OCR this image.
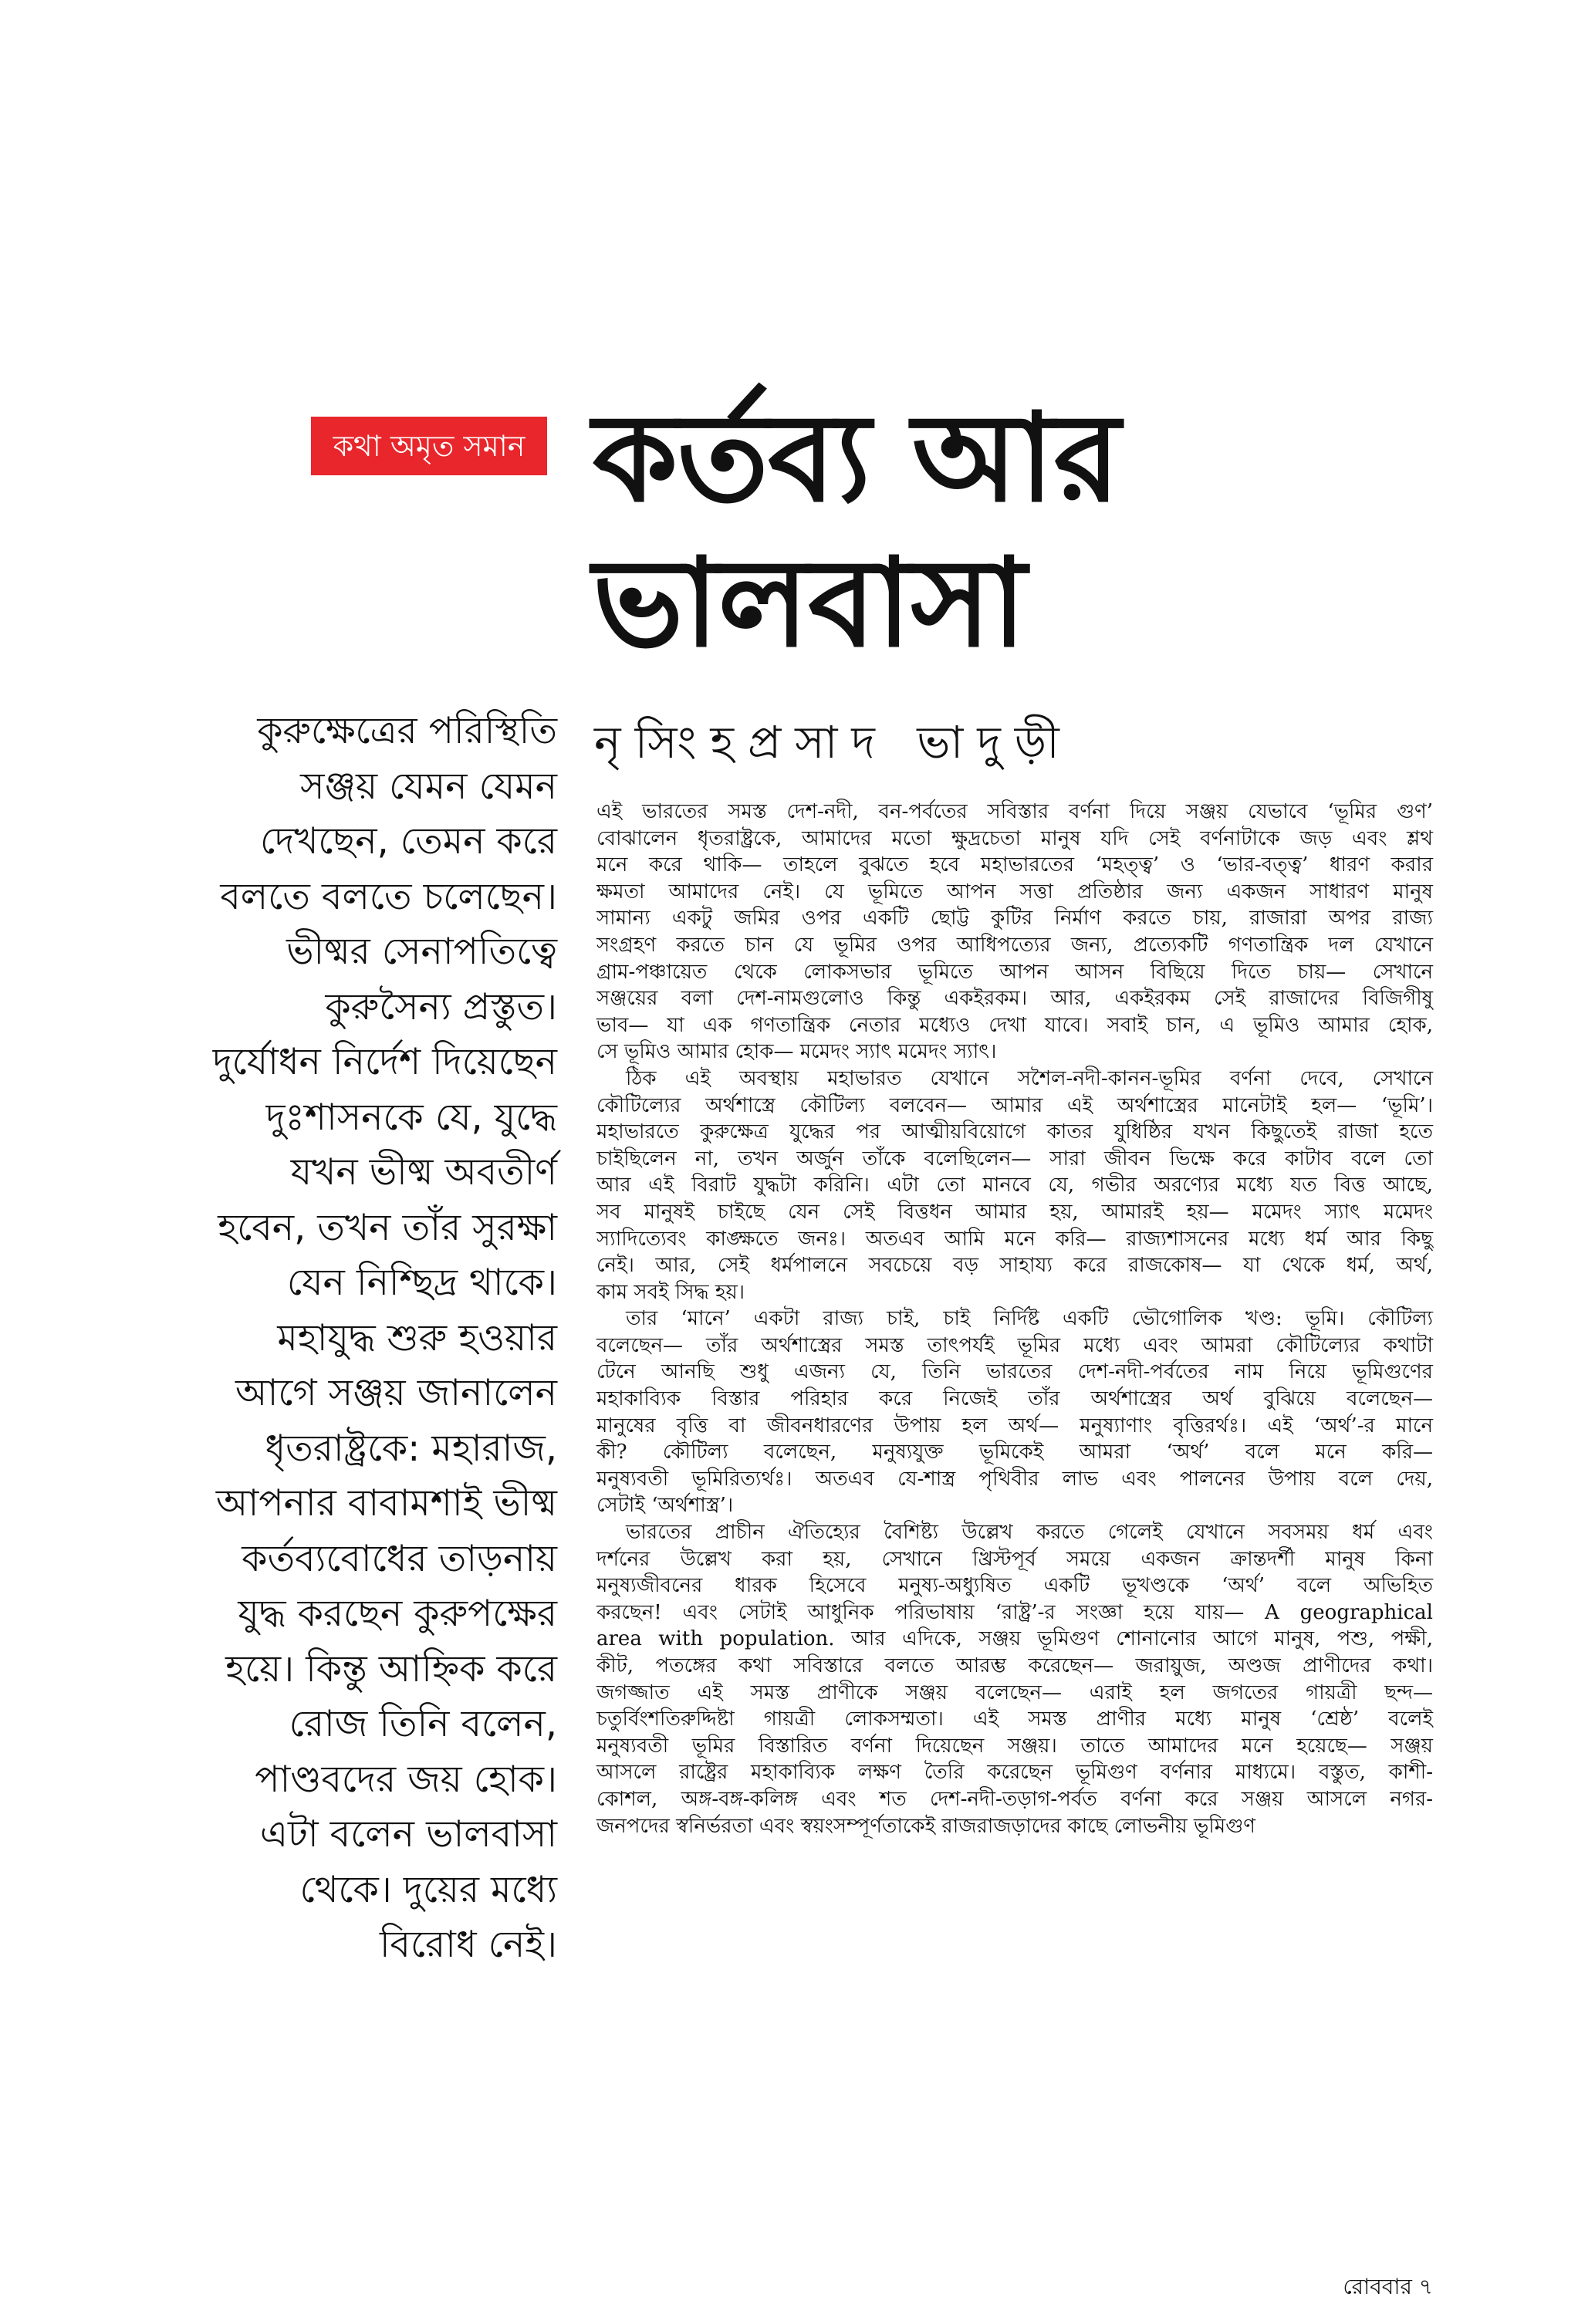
কথা অমৃত সমান কর্তব্য আর
ভালবাসা
নৃসিংহপ্রসাদ ভাদুড়ী
কুরুক্ষেত্রের পরিস্থিতি
সঞ্জয় যেমন যেমন
দেখছেন, তেমন করে
বলতে বলতে চলেছেন।
ভীষ্মর সেনাপতিত্বে
কুরুসৈন্য প্রস্তুত।
দুর্যোধন নির্দেশ দিয়েছেন
দুঃশাসনকে যে, যুদ্ধে
যখন ভীষ্ম অবতীর্ণ
হবেন, তখন তাঁর সুরক্ষা
যেন নিশ্ছিদ্র থাকে।
মহাযুদ্ধ শুরু হওয়ার
আগে সঞ্জয় জানালেন
ধৃতরাষ্ট্রকে: মহারাজ,
আপনার বাবামশাই ভীষ্ম
কর্তব্যবোধের তাড়নায়
যুদ্ধ করছেন কুরুপক্ষের
হয়ে। কিন্তু আহ্নিক করে
রোজ তিনি বলেন,
পাণ্ডবদের জয় হোক।
এটা বলেন ভালবাসা
থেকে। দুয়ের মধ্যে
বিরোধ নেই।

এই ভারতের সমস্ত দেশ-নদী, বন-পর্বতের সবিস্তার বর্ণনা দিয়ে সঞ্জয় যেভাবে ‘ভূমির গুণ’

বোঝালেন ধৃতরাষ্ট্রকে, আমাদের মতো ক্ষুদ্রচেতা মানুষ যদি সেই বর্ণনাটাকে জড় এবং শ্লথ

মনে করে থাকি— তাহলে বুঝতে হবে মহাভারতের ‘মহত্ত্ব’ ও ‘ভার-বত্ত্ব’ ধারণ করার

ক্ষমতা আমাদের নেই। যে ভূমিতে আপন সত্তা প্রতিষ্ঠার জন্য একজন সাধারণ মানুষ

সামান্য একটু জমির ওপর একটি ছোট্ট কুটির নির্মাণ করতে চায়, রাজারা অপর রাজ্য

সংগ্রহণ করতে চান যে ভূমির ওপর আধিপত্যের জন্য, প্রত্যেকটি গণতান্ত্রিক দল যেখানে

গ্রাম-পঞ্চায়েত থেকে লোকসভার ভূমিতে আপন আসন বিছিয়ে দিতে চায়— সেখানে

সঞ্জয়ের বলা দেশ-নামগুলোও কিন্তু একইরকম। আর, একইরকম সেই রাজাদের বিজিগীষু

ভাব— যা এক গণতান্ত্রিক নেতার মধ্যেও দেখা যাবে। সবাই চান, এ ভূমিও আমার হোক,

সে ভূমিও আমার হোক— মমেদং স্যাৎ মমেদং স্যাৎ।

ঠিক এই অবস্থায় মহাভারত যেখানে সশৈল-নদী-কানন-ভূমির বর্ণনা দেবে, সেখানে

কৌটিল্যের অর্থশাস্ত্রে কৌটিল্য বলবেন— আমার এই অর্থশাস্ত্রের মানেটাই হল— ‘ভূমি’।

মহাভারতে কুরুক্ষেত্র যুদ্ধের পর আত্মীয়বিয়োগে কাতর যুধিষ্ঠির যখন কিছুতেই রাজা হতে

চাইছিলেন না, তখন অর্জুন তাঁকে বলেছিলেন— সারা জীবন ভিক্ষে করে কাটাব বলে তো

আর এই বিরাট যুদ্ধটা করিনি। এটা তো মানবে যে, গভীর অরণ্যের মধ্যে যত বিত্ত আছে,

সব মানুষই চাইছে যেন সেই বিত্তধন আমার হয়, আমারই হয়— মমেদং স্যাৎ মমেদং

স্যাদিত্যেবং কাঙ্ক্ষতে জনঃ। অতএব আমি মনে করি— রাজ্যশাসনের মধ্যে ধর্ম আর কিছু

নেই। আর, সেই ধর্মপালনে সবচেয়ে বড় সাহায্য করে রাজকোষ— যা থেকে ধর্ম, অর্থ,

কাম সবই সিদ্ধ হয়।

তার ‘মানে’ একটা রাজ্য চাই, চাই নির্দিষ্ট একটি ভৌগোলিক খণ্ড: ভূমি। কৌটিল্য

বলেছেন— তাঁর অর্থশাস্ত্রের সমস্ত তাৎপর্যই ভূমির মধ্যে এবং আমরা কৌটিল্যের কথাটা

টেনে আনছি শুধু এজন্য যে, তিনি ভারতের দেশ-নদী-পর্বতের নাম নিয়ে ভূমিগুণের

মহাকাব্যিক বিস্তার পরিহার করে নিজেই তাঁর অর্থশাস্ত্রের অর্থ বুঝিয়ে বলেছেন—

মানুষের বৃত্তি বা জীবনধারণের উপায় হল অর্থ— মনুষ্যাণাং বৃত্তিরর্থঃ। এই ‘অর্থ’-র মানে

কী? কৌটিল্য বলেছেন, মনুষ্যযুক্ত ভূমিকেই আমরা ‘অর্থ’ বলে মনে করি—

মনুষ্যবতী ভূমিরিত্যর্থঃ। অতএব যে-শাস্ত্র পৃথিবীর লাভ এবং পালনের উপায় বলে দেয়,

সেটাই ‘অর্থশাস্ত্র’।

ভারতের প্রাচীন ঐতিহ্যের বৈশিষ্ট্য উল্লেখ করতে গেলেই যেখানে সবসময় ধর্ম এবং

দর্শনের উল্লেখ করা হয়, সেখানে খ্রিস্টপূর্ব সময়ে একজন ক্রান্তদর্শী মানুষ কিনা

মনুষ্যজীবনের ধারক হিসেবে মনুষ্য-অধ্যুষিত একটি ভূখণ্ডকে ‘অর্থ’ বলে অভিহিত

করছেন! এবং সেটাই আধুনিক পরিভাষায় ‘রাষ্ট্র’-র সংজ্ঞা হয়ে যায়— A geographical

area with population. আর এদিকে, সঞ্জয় ভূমিগুণ শোনানোর আগে মানুষ, পশু, পক্ষী,

কীট, পতঙ্গের কথা সবিস্তারে বলতে আরম্ভ করেছেন— জরায়ুজ, অণ্ডজ প্রাণীদের কথা।

জগজ্জাত এই সমস্ত প্রাণীকে সঞ্জয় বলেছেন— এরাই হল জগতের গায়ত্রী ছন্দ—

চতুর্বিংশতিরুদ্দিষ্টা গায়ত্রী লোকসম্মতা। এই সমস্ত প্রাণীর মধ্যে মানুষ ‘শ্রেষ্ঠ’ বলেই

মনুষ্যবতী ভূমির বিস্তারিত বর্ণনা দিয়েছেন সঞ্জয়। তাতে আমাদের মনে হয়েছে— সঞ্জয়

আসলে রাষ্ট্রের মহাকাব্যিক লক্ষণ তৈরি করেছেন ভূমিগুণ বর্ণনার মাধ্যমে। বস্তুত, কাশী-

কোশল, অঙ্গ-বঙ্গ-কলিঙ্গ এবং শত দেশ-নদী-তড়াগ-পর্বত বর্ণনা করে সঞ্জয় আসলে নগর-

জনপদের স্বনির্ভরতা এবং স্বয়ংসম্পূর্ণতাকেই রাজরাজড়াদের কাছে লোভনীয় ভূমিগুণ

রোববার ৭
